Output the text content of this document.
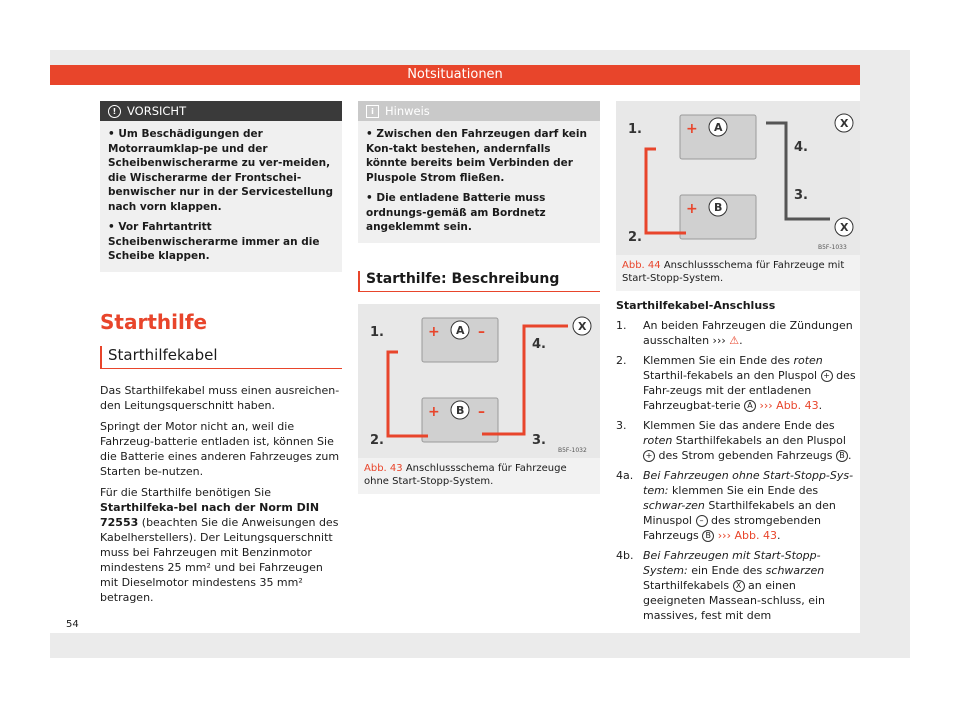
Notsituationen
! VORSICHT

• Um Beschädigungen der Motorraumklap-pe und der Scheibenwischerarme zu ver-meiden, die Wischerarme der Frontschei-benwischer nur in der Servicestellung nach vorn klappen.

• Vor Fahrtantritt Scheibenwischerarme immer an die Scheibe klappen.

Starthilfe
Starthilfekabel

Das Starthilfekabel muss einen ausreichen-den Leitungsquerschnitt haben.

Springt der Motor nicht an, weil die Fahrzeug-batterie entladen ist, können Sie die Batterie eines anderen Fahrzeuges zum Starten be-nutzen.

Für die Starthilfe benötigen Sie Starthilfeka-bel nach der Norm DIN 72553 (beachten Sie die Anweisungen des Kabelherstellers). Der Leitungsquerschnitt muss bei Fahrzeugen mit Benzinmotor mindestens 25 mm² und bei Fahrzeugen mit Dieselmotor mindestens 35 mm² betragen.

i Hinweis

• Zwischen den Fahrzeugen darf kein Kon-takt bestehen, andernfalls könnte bereits beim Verbinden der Pluspole Strom fließen.

• Die entladene Batterie muss ordnungs-gemäß am Bordnetz angeklemmt sein.

Starthilfe: Beschreibung
1.
2.	3.
4.
A
B
X
+	–
+	–
B5F-1032
Abb. 43 Anschlussschema für Fahrzeuge ohne Start-Stopp-System.
1.
2.
3.
4.
A
B
X
X
+
+
B5F-1033
Abb. 44 Anschlussschema für Fahrzeuge mit Start-Stopp-System.
Starthilfekabel-Anschluss
1.	An beiden Fahrzeugen die Zündungen ausschalten ››› ⚠.
2.	Klemmen Sie ein Ende des roten Starthil-fekabels an den Pluspol + des Fahr-zeugs mit der entladenen Fahrzeugbat-terie A ››› Abb. 43.
3.	Klemmen Sie das andere Ende des roten Starthilfekabels an den Pluspol + des Strom gebenden Fahrzeugs B .
4a. Bei Fahrzeugen ohne Start-Stopp-Sys-tem: klemmen Sie ein Ende des schwar-zen Starthilfekabels an den Minuspol – des stromgebenden Fahrzeugs B ››› Abb. 43.
4b. Bei Fahrzeugen mit Start-Stopp-System: ein Ende des schwarzen Starthilfekabels X an einen geeigneten Massean-schluss, ein massives, fest mit dem
54
